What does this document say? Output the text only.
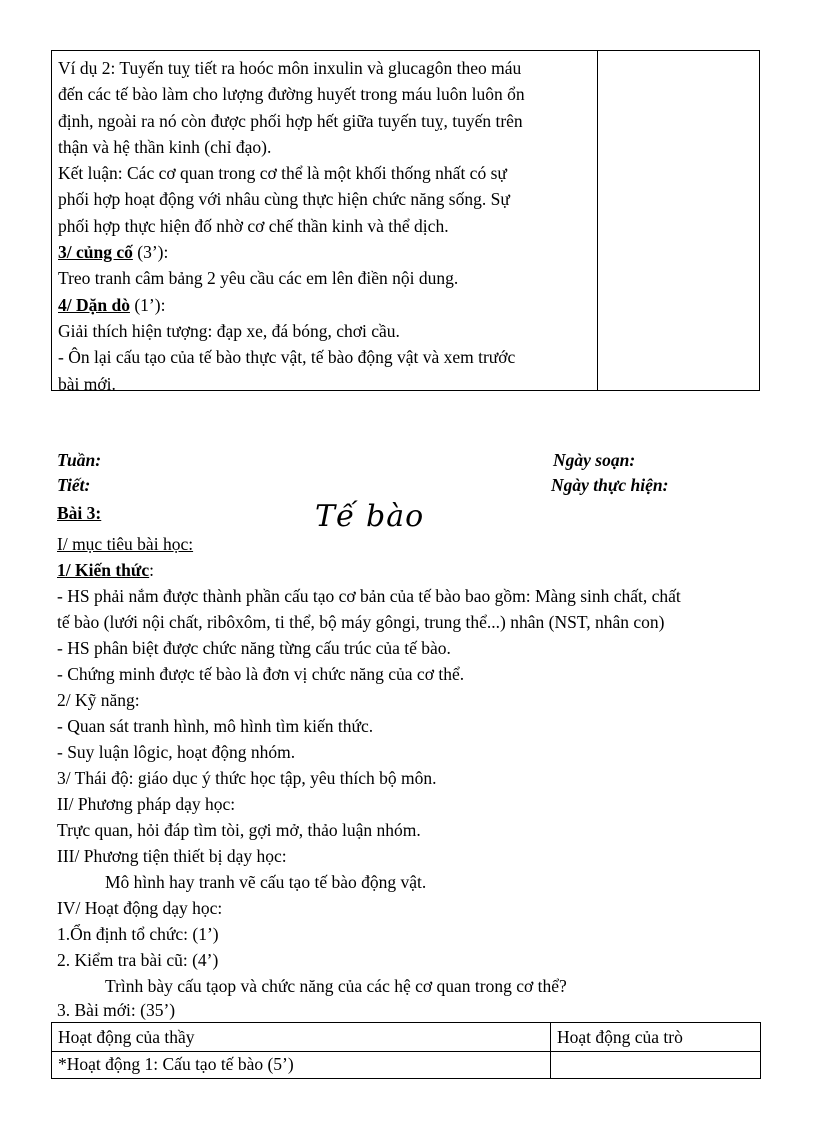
Ví dụ 2: Tuyến tuỵ tiết ra hoóc môn inxulin và glucagôn theo máu
đến các tế bào làm cho lượng đường huyết trong máu luôn luôn ổn
định, ngoài ra nó còn được phối hợp hết giữa tuyến tuỵ, tuyến trên
thận và hệ thần kinh (chỉ đạo).
Kết luận: Các cơ quan trong cơ thể là một khối thống nhất có sự
phối hợp hoạt động với nhâu cùng thực hiện chức năng sống. Sự
phối hợp thực hiện đố nhờ cơ chế thần kinh và thể dịch.
3/ củng cố (3’):
Treo tranh câm bảng 2 yêu cầu các em lên điền nội dung.
4/ Dặn dò (1’):
Giải thích hiện tượng: đạp xe, đá bóng, chơi cầu.
- Ôn lại cấu tạo của tế bào thực vật, tế bào động vật và xem trước
bài mới.
Tuần:
Tiết:
Ngày soạn:
Ngày thực hiện:
Bài 3:	Tế bào
I/ mục tiêu bài học:
1/ Kiến thức:
- HS phải nắm được thành phần cấu tạo cơ bản của tế bào bao gồm: Màng sinh chất, chất
tế bào (lưới nội chất, ribôxôm, ti thể, bộ máy gôngi, trung thể...) nhân (NST, nhân con)
- HS phân biệt được chức năng từng cấu trúc của tế bào.
- Chứng minh được tế bào là đơn vị chức năng của cơ thể.
2/ Kỹ năng:
- Quan sát tranh hình, mô hình tìm kiến thức.
- Suy luận lôgic, hoạt động nhóm.
3/ Thái độ: giáo dục ý thức học tập, yêu thích bộ môn.
II/ Phương pháp dạy học:
Trực quan, hỏi đáp tìm tòi, gợi mở, thảo luận nhóm.
III/ Phương tiện thiết bị dạy học:
Mô hình hay tranh vẽ cấu tạo tế bào động vật.
IV/ Hoạt động dạy học:
1.Ổn định tổ chức: (1’)
2. Kiểm tra bài cũ: (4’)
Trình bày cấu tạop và chức năng của các hệ cơ quan trong cơ thể?
3. Bài mới: (35’)
Hoạt động của thầy	Hoạt động của trò
*Hoạt động 1: Cấu tạo tế bào (5’)
